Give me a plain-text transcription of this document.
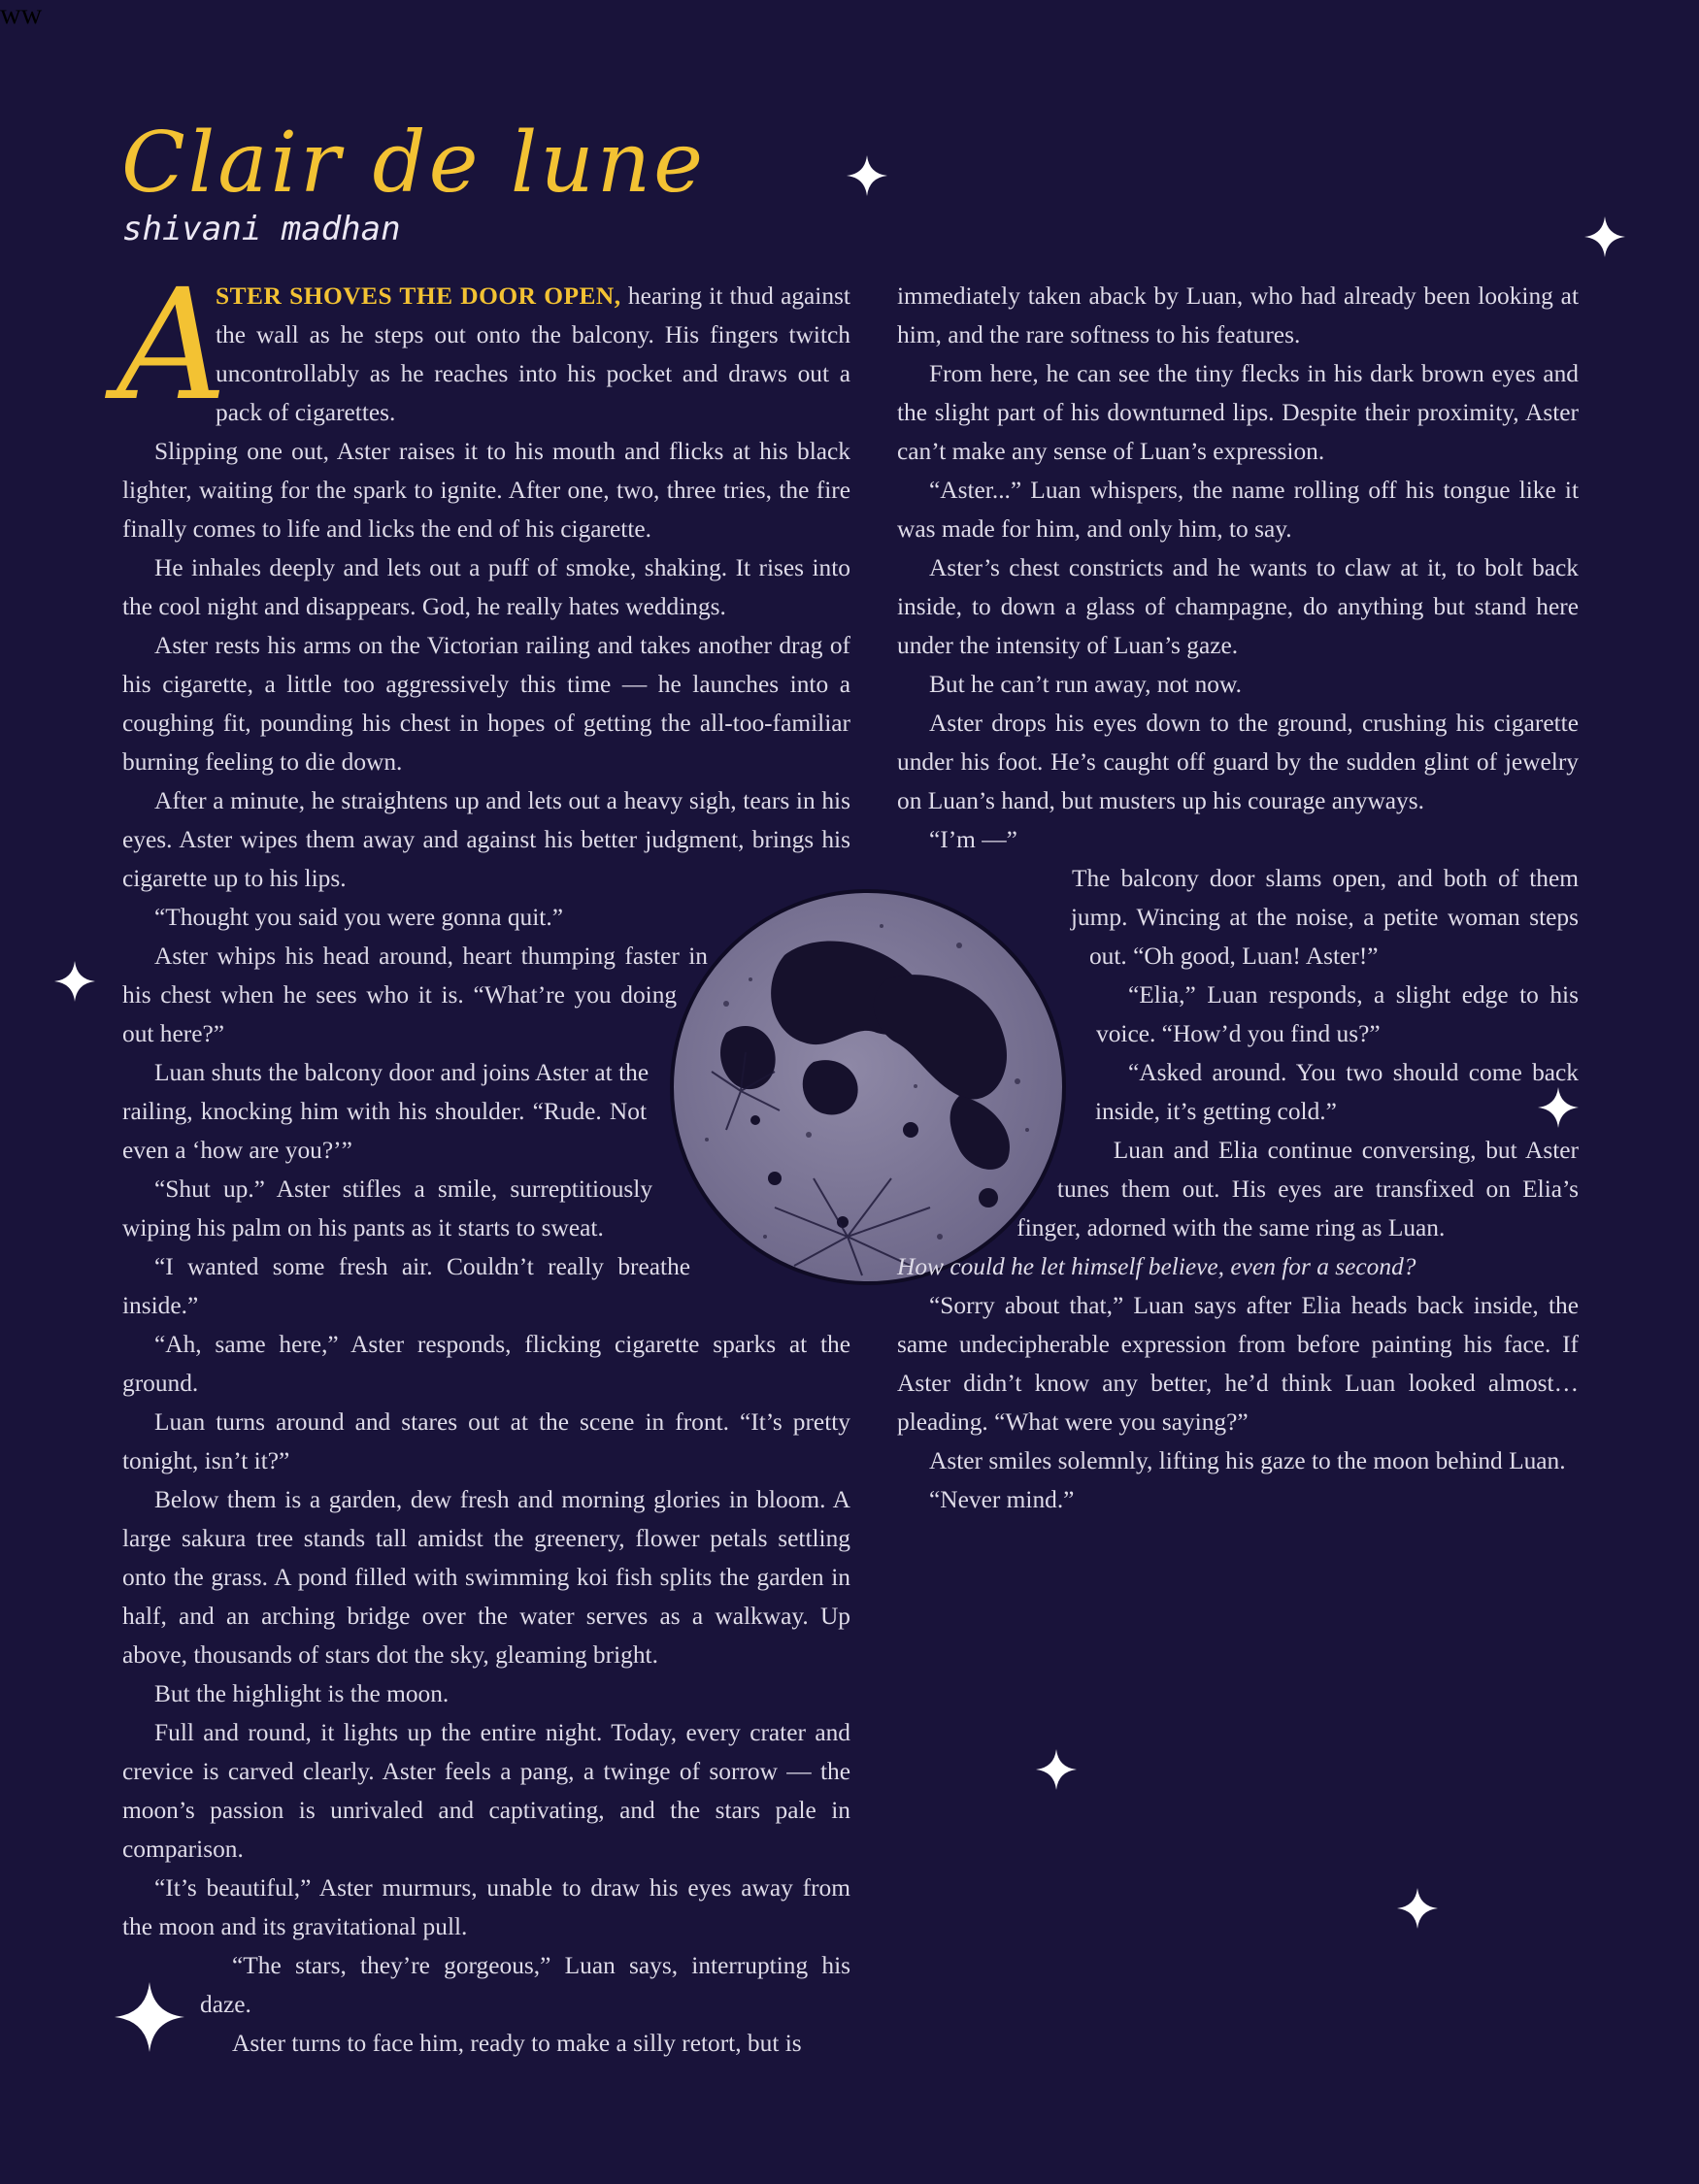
ww
Clair de lune
shivani madhan

A
STER SHOVES THE DOOR OPEN, hearing it thud against the wall as he steps out onto the balcony. His fingers twitch uncontrollably as he reaches into his pocket and draws out a pack of cigarettes.

Slipping one out, Aster raises it to his mouth and flicks at his black lighter, waiting for the spark to ignite. After one, two, three tries, the fire finally comes to life and licks the end of his cigarette.

He inhales deeply and lets out a puff of smoke, shaking. It rises into the cool night and disappears. God, he really hates weddings.

Aster rests his arms on the Victorian railing and takes another drag of his cigarette, a little too aggressively this time — he launches into a coughing fit, pounding his chest in hopes of getting the all-too-familiar burning feeling to die down.

After a minute, he straightens up and lets out a heavy sigh, tears in his eyes. Aster wipes them away and against his better judgment, brings his cigarette up to his lips.

“Thought you said you were gonna quit.”

Aster whips his head around, heart thumping faster in his chest when he sees who it is. “What’re you doing out here?”

Luan shuts the balcony door and joins Aster at the railing, knocking him with his shoulder. “Rude. Not even a ‘how are you?’”

“Shut up.” Aster stifles a smile, surreptitiously wiping his palm on his pants as it starts to sweat.

“I wanted some fresh air. Couldn’t really breathe inside.”

“Ah, same here,” Aster responds, flicking cigarette sparks at the ground.

Luan turns around and stares out at the scene in front. “It’s pretty tonight, isn’t it?”

Below them is a garden, dew fresh and morning glories in bloom. A large sakura tree stands tall amidst the greenery, flower petals settling onto the grass. A pond filled with swimming koi fish splits the garden in half, and an arching bridge over the water serves as a walkway. Up above, thousands of stars dot the sky, gleaming bright.

But the highlight is the moon.

Full and round, it lights up the entire night. Today, every crater and crevice is carved clearly. Aster feels a pang, a twinge of sorrow — the moon’s passion is unrivaled and captivating, and the stars pale in comparison.

“It’s beautiful,” Aster murmurs, unable to draw his eyes away from the moon and its gravitational pull.

“The stars, they’re gorgeous,” Luan says, interrupting his daze.

Aster turns to face him, ready to make a silly retort, but is

immediately taken aback by Luan, who had already been looking at him, and the rare softness to his features.

From here, he can see the tiny flecks in his dark brown eyes and the slight part of his downturned lips. Despite their proximity, Aster can’t make any sense of Luan’s expression.

“Aster...” Luan whispers, the name rolling off his tongue like it was made for him, and only him, to say.

Aster’s chest constricts and he wants to claw at it, to bolt back inside, to down a glass of champagne, do anything but stand here under the intensity of Luan’s gaze.

But he can’t run away, not now.

Aster drops his eyes down to the ground, crushing his cigarette under his foot. He’s caught off guard by the sudden glint of jewelry on Luan’s hand, but musters up his courage anyways.

“I’m —”

The balcony door slams open, and both of them jump. Wincing at the noise, a petite woman steps out. “Oh good, Luan! Aster!”

“Elia,” Luan responds, a slight edge to his voice. “How’d you find us?”

“Asked around. You two should come back inside, it’s getting cold.”

Luan and Elia continue conversing, but Aster tunes them out. His eyes are transfixed on Elia’s finger, adorned with the same ring as Luan.

How could he let himself believe, even for a second?

“Sorry about that,” Luan says after Elia heads back inside, the same undecipherable expression from before painting his face. If Aster didn’t know any better, he’d think Luan looked almost… pleading. “What were you saying?”

Aster smiles solemnly, lifting his gaze to the moon behind Luan.

“Never mind.”
